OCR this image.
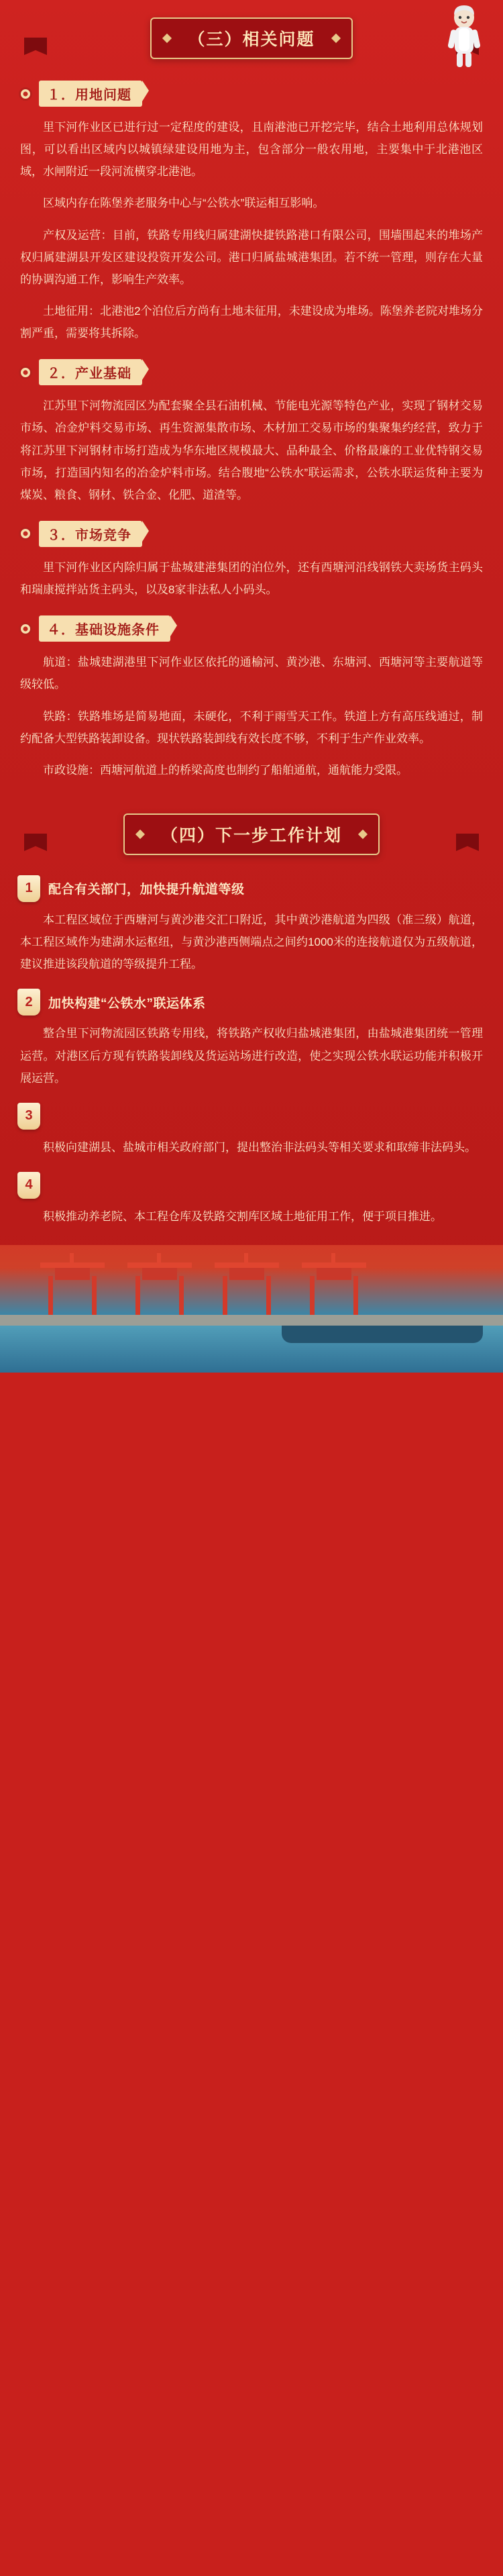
（三）相关问题
１．用地问题

里下河作业区已进行过一定程度的建设，且南港池已开挖完毕，结合土地利用总体规划图，可以看出区域内以城镇绿建设用地为主，包含部分一般农用地，主要集中于北港池区域，水闸附近一段河流横穿北港池。

区域内存在陈堡养老服务中心与“公铁水”联运相互影响。

产权及运营：目前，铁路专用线归属建湖快捷铁路港口有限公司，围墙围起来的堆场产权归属建湖县开发区建设投资开发公司。港口归属盐城港集团。若不统一管理，则存在大量的协调沟通工作，影响生产效率。

土地征用：北港池2个泊位后方尚有土地未征用，未建设成为堆场。陈堡养老院对堆场分割严重，需要将其拆除。

２．产业基础

江苏里下河物流园区为配套聚全县石油机械、节能电光源等特色产业，实现了钢材交易市场、冶金炉料交易市场、再生资源集散市场、木材加工交易市场的集聚集约经营，致力于将江苏里下河钢材市场打造成为华东地区规模最大、品种最全、价格最廉的工业优特钢交易市场，打造国内知名的冶金炉料市场。结合腹地“公铁水”联运需求，公铁水联运货种主要为煤炭、粮食、钢材、铁合金、化肥、道渣等。

３．市场竞争

里下河作业区内除归属于盐城建港集团的泊位外，还有西塘河沿线钢铁大卖场货主码头和瑞康搅拌站货主码头，以及8家非法私人小码头。

４．基础设施条件

航道：盐城建湖港里下河作业区依托的通榆河、黄沙港、东塘河、西塘河等主要航道等级较低。

铁路：铁路堆场是简易地面，未硬化，不利于雨雪天工作。铁道上方有高压线通过，制约配备大型铁路装卸设备。现状铁路装卸线有效长度不够，不利于生产作业效率。

市政设施：西塘河航道上的桥梁高度也制约了船舶通航，通航能力受限。

（四）下一步工作计划
1	配合有关部门，加快提升航道等级

本工程区域位于西塘河与黄沙港交汇口附近，其中黄沙港航道为四级（准三级）航道，本工程区域作为建湖水运枢纽，与黄沙港西侧端点之间约1000米的连接航道仅为五级航道，建议推进该段航道的等级提升工程。

2	加快构建“公铁水”联运体系

整合里下河物流园区铁路专用线，将铁路产权收归盐城港集团，由盐城港集团统一管理运营。对港区后方现有铁路装卸线及货运站场进行改造，使之实现公铁水联运功能并积极开展运营。

3

积极向建湖县、盐城市相关政府部门，提出整治非法码头等相关要求和取缔非法码头。

4

积极推动养老院、本工程仓库及铁路交割库区域土地征用工作，便于项目推进。
